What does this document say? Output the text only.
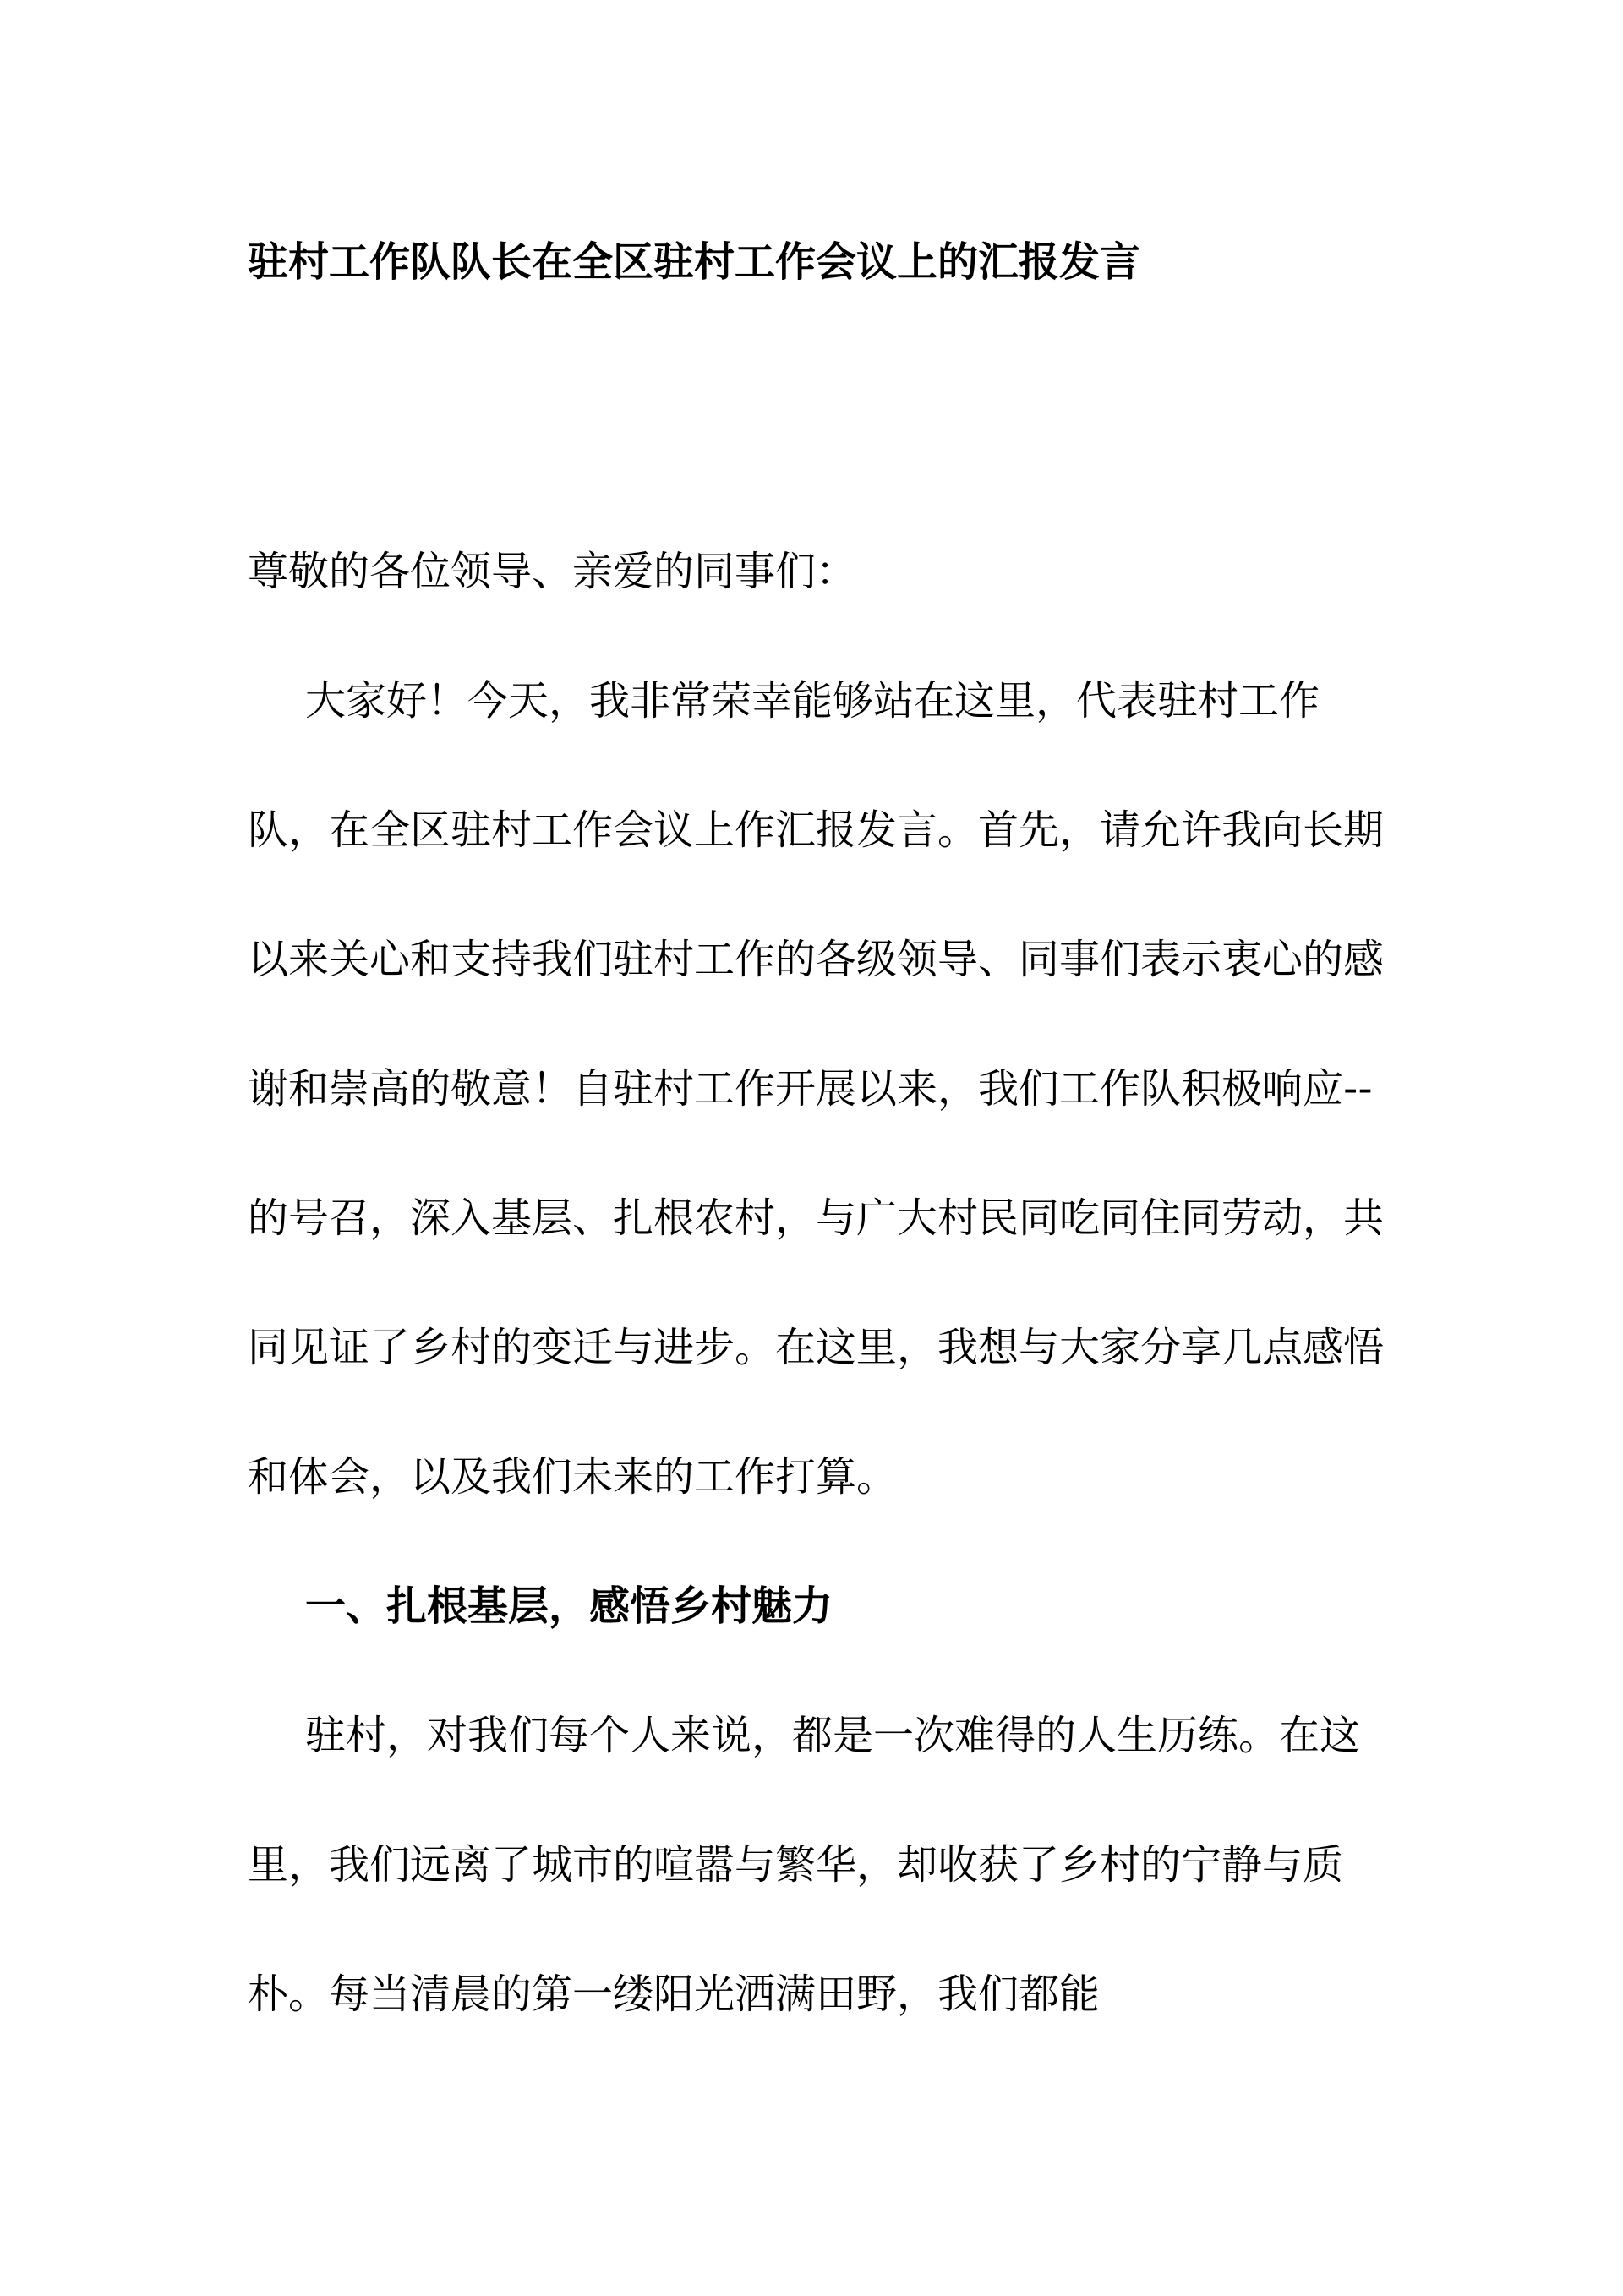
驻村工作队队长在全区驻村工作会议上的汇报发言

尊敬的各位领导、亲爱的同事们：

大家好！今天，我非常荣幸能够站在这里，代表驻村工作队，在全区驻村工作会议上作汇报发言。首先，请允许我向长期以来关心和支持我们驻村工作的各级领导、同事们表示衷心的感谢和崇高的敬意！自驻村工作开展以来，我们工作队积极响应--的号召，深入基层、扎根农村，与广大村民同吃同住同劳动，共同见证了乡村的变迁与进步。在这里，我想与大家分享几点感悟和体会，以及我们未来的工作打算。

一、扎根基层，感悟乡村魅力

驻村，对我们每个人来说，都是一次难得的人生历练。在这里，我们远离了城市的喧嚣与繁华，却收获了乡村的宁静与质朴。每当清晨的第一缕阳光洒满田野，我们都能
